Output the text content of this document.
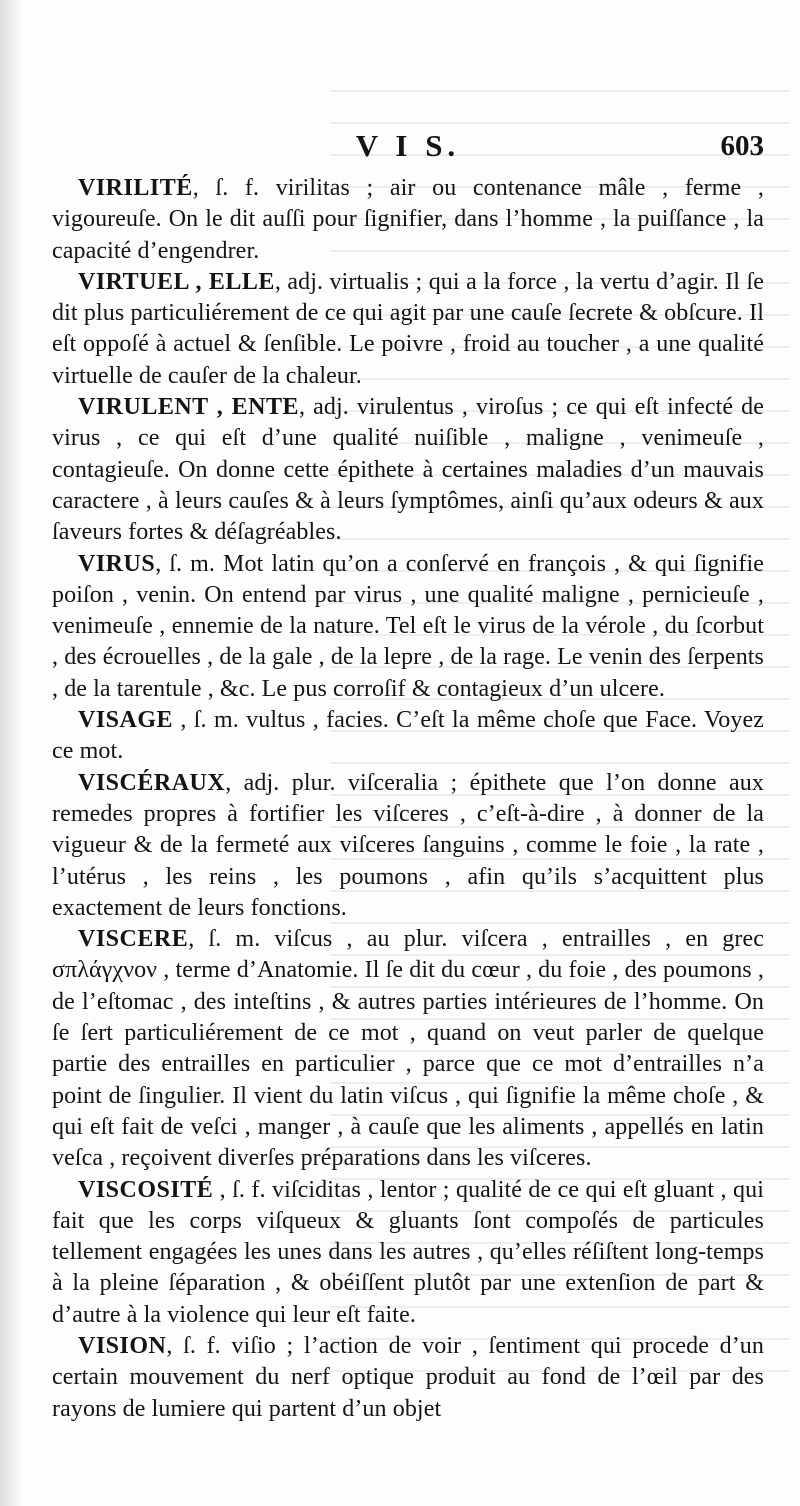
V I S.	603

VIRILITÉ, ſ. f. virilitas ; air ou contenance mâle , ferme , vigoureuſe. On le dit auſſi pour ſignifier, dans l’homme , la puiſſance , la capacité d’engendrer.

VIRTUEL , ELLE, adj. virtualis ; qui a la force , la vertu d’agir. Il ſe dit plus particuliérement de ce qui agit par une cauſe ſecrete & obſcure. Il eſt oppoſé à actuel & ſenſible. Le poivre , froid au toucher , a une qualité virtuelle de cauſer de la chaleur.

VIRULENT , ENTE, adj. virulentus , viroſus ; ce qui eſt infecté de virus , ce qui eſt d’une qualité nuiſible , maligne , venimeuſe , contagieuſe. On donne cette épithete à certaines maladies d’un mauvais caractere , à leurs cauſes & à leurs ſymptômes, ainſi qu’aux odeurs & aux ſaveurs fortes & déſagréables.

VIRUS, ſ. m. Mot latin qu’on a conſervé en françois , & qui ſignifie poiſon , venin. On entend par virus , une qualité maligne , pernicieuſe , venimeuſe , ennemie de la nature. Tel eſt le virus de la vérole , du ſcorbut , des écrouelles , de la gale , de la lepre , de la rage. Le venin des ſerpents , de la tarentule , &c. Le pus corroſif & contagieux d’un ulcere.

VISAGE , ſ. m. vultus , facies. C’eſt la même choſe que Face. Voyez ce mot.

VISCÉRAUX, adj. plur. viſceralia ; épithete que l’on donne aux remedes propres à fortifier les viſceres , c’eſt-à-dire , à donner de la vigueur & de la fermeté aux viſceres ſanguins , comme le foie , la rate , l’utérus , les reins , les poumons , afin qu’ils s’acquittent plus exactement de leurs fonctions.

VISCERE, ſ. m. viſcus , au plur. viſcera , entrailles , en grec σπλάγχνον , terme d’Anatomie. Il ſe dit du cœur , du foie , des poumons , de l’eſtomac , des inteſtins , & autres parties intérieures de l’homme. On ſe ſert particuliérement de ce mot , quand on veut parler de quelque partie des entrailles en particulier , parce que ce mot d’entrailles n’a point de ſingulier. Il vient du latin viſcus , qui ſignifie la même choſe , & qui eſt fait de veſci , manger , à cauſe que les aliments , appellés en latin veſca , reçoivent diverſes préparations dans les viſceres.

VISCOSITÉ , ſ. f. viſciditas , lentor ; qualité de ce qui eſt gluant , qui fait que les corps viſqueux & gluants ſont compoſés de particules tellement engagées les unes dans les autres , qu’elles réſiſtent long-temps à la pleine ſéparation , & obéiſſent plutôt par une extenſion de part & d’autre à la violence qui leur eſt faite.

VISION, ſ. f. viſio ; l’action de voir , ſentiment qui procede d’un certain mouvement du nerf optique produit au fond de l’œil par des rayons de lumiere qui partent d’un objet
